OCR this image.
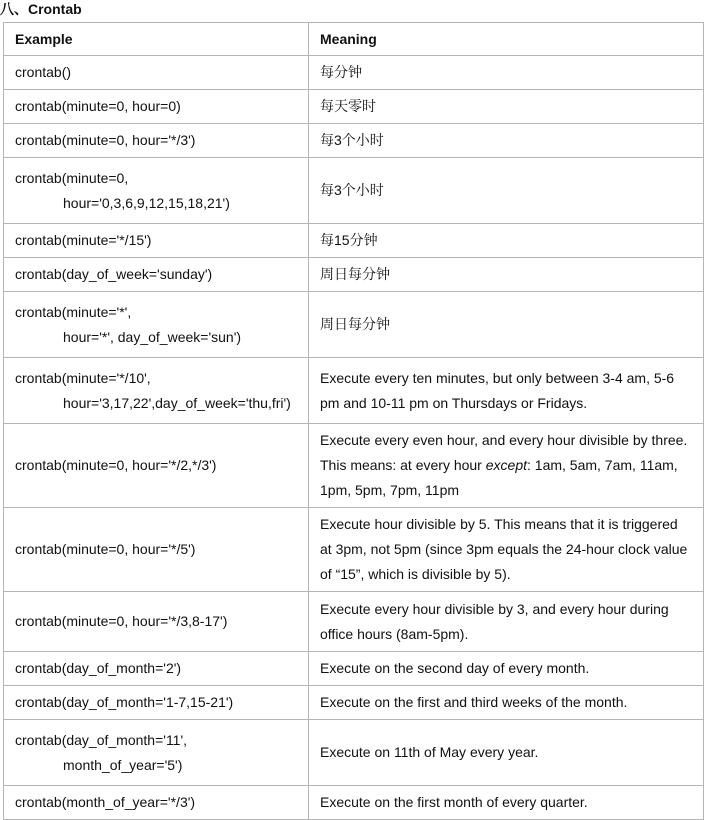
八、Crontab
Example	Meaning

crontab()	每分钟

crontab(minute=0, hour=0)	每天零时

crontab(minute=0, hour='*/3')	每3个小时

crontab(minute=0,
hour='0,3,6,9,12,15,18,21')	每3个小时

crontab(minute='*/15')	每15分钟

crontab(day_of_week='sunday')	周日每分钟

crontab(minute='*',
hour='*', day_of_week='sun')	周日每分钟

crontab(minute='*/10',
hour='3,17,22',day_of_week='thu,fri')	Execute every ten minutes, but only between 3-4 am, 5-6 pm and 10-11 pm on Thursdays or Fridays.

crontab(minute=0, hour='*/2,*/3')	Execute every even hour, and every hour divisible by three. This means: at every hour except: 1am, 5am, 7am, 11am, 1pm, 5pm, 7pm, 11pm

crontab(minute=0, hour='*/5')	Execute hour divisible by 5. This means that it is triggered at 3pm, not 5pm (since 3pm equals the 24-hour clock value of “15”, which is divisible by 5).

crontab(minute=0, hour='*/3,8-17')	Execute every hour divisible by 3, and every hour during office hours (8am-5pm).

crontab(day_of_month='2')	Execute on the second day of every month.

crontab(day_of_month='1-7,15-21')	Execute on the first and third weeks of the month.

crontab(day_of_month='11',
month_of_year='5')	Execute on 11th of May every year.

crontab(month_of_year='*/3')	Execute on the first month of every quarter.
